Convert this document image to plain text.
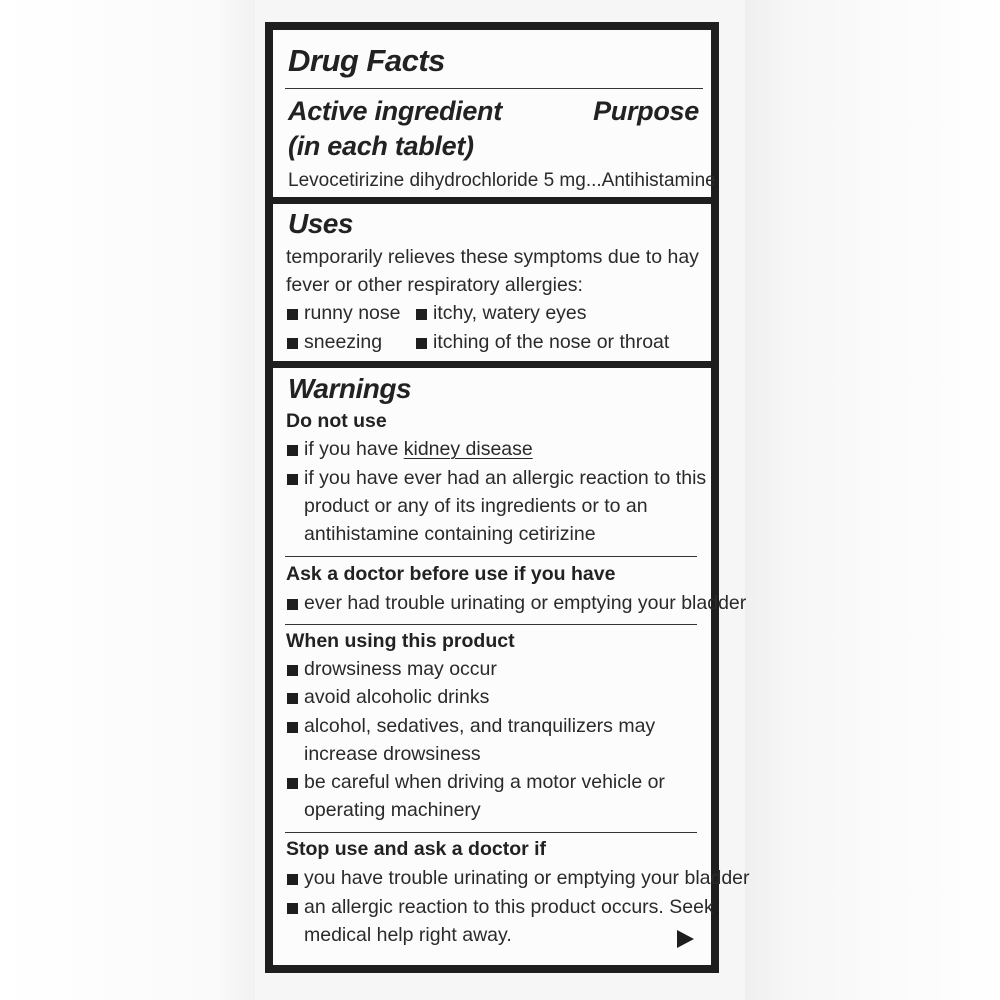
Drug Facts
Active ingredient
(in each tablet)
Purpose
Levocetirizine dihydrochloride 5 mg...Antihistamine
Uses
temporarily relieves these symptoms due to hay
fever or other respiratory allergies:
runny nose itchy, watery eyes
sneezing	itching of the nose or throat
Warnings
Do not use
if you have kidney disease
if you have ever had an allergic reaction to this
product or any of its ingredients or to an
antihistamine containing cetirizine
Ask a doctor before use if you have
ever had trouble urinating or emptying your bladder
When using this product
drowsiness may occur
avoid alcoholic drinks
alcohol, sedatives, and tranquilizers may
increase drowsiness
be careful when driving a motor vehicle or
operating machinery
Stop use and ask a doctor if
you have trouble urinating or emptying your bladder
an allergic reaction to this product occurs. Seek
medical help right away.
